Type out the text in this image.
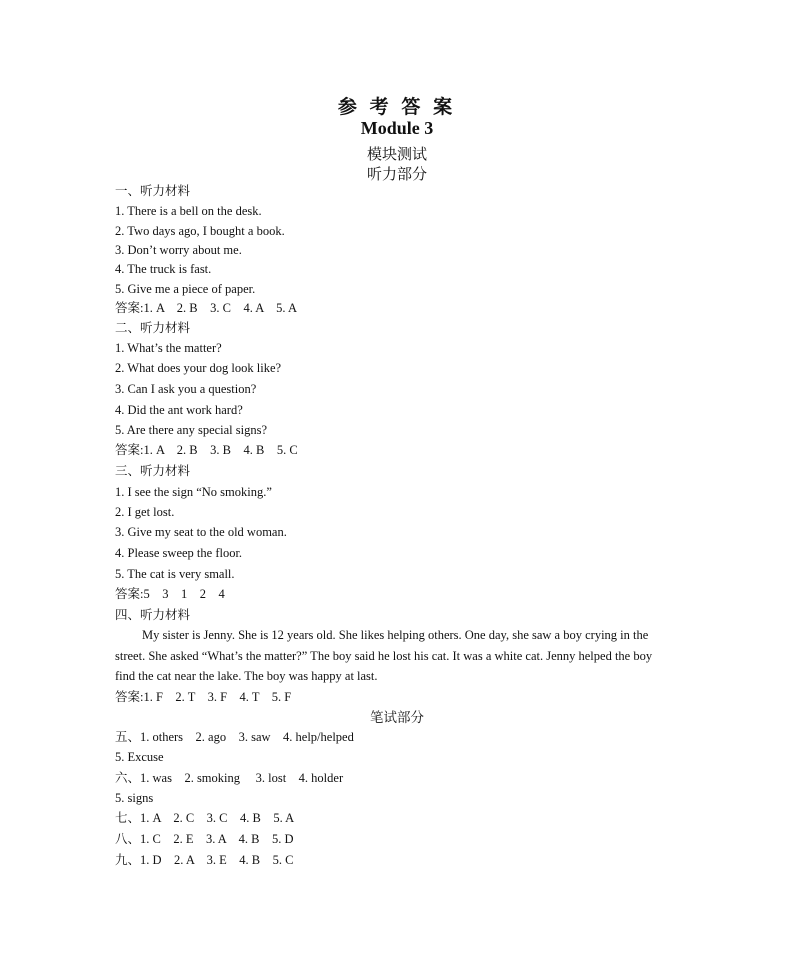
参 考 答 案
Module 3
模块测试
听力部分
一、听力材料
1. There is a bell on the desk.
2. Two days ago, I bought a book.
3. Don’t worry about me.
4. The truck is fast.
5. Give me a piece of paper.
答案:1. A    2. B    3. C    4. A    5. A
二、听力材料
1. What’s the matter?
2. What does your dog look like?
3. Can I ask you a question?
4. Did the ant work hard?
5. Are there any special signs?
答案:1. A    2. B    3. B    4. B    5. C
三、听力材料
1. I see the sign “No smoking.”
2. I get lost.
3. Give my seat to the old woman.
4. Please sweep the floor.
5. The cat is very small.
答案:5    3    1    2    4
四、听力材料
My sister is Jenny. She is 12 years old. She likes helping others. One day, she saw a boy crying in the street. She asked “What’s the matter?” The boy said he lost his cat. It was a white cat. Jenny helped the boy find the cat near the lake. The boy was happy at last.
答案:1. F    2. T    3. F    4. T    5. F
笔试部分
五、1. others    2. ago    3. saw    4. help/helped
5. Excuse
六、1. was    2. smoking     3. lost    4. holder
5. signs
七、1. A    2. C    3. C    4. B    5. A
八、1. C    2. E    3. A    4. B    5. D
九、1. D    2. A    3. E    4. B    5. C
